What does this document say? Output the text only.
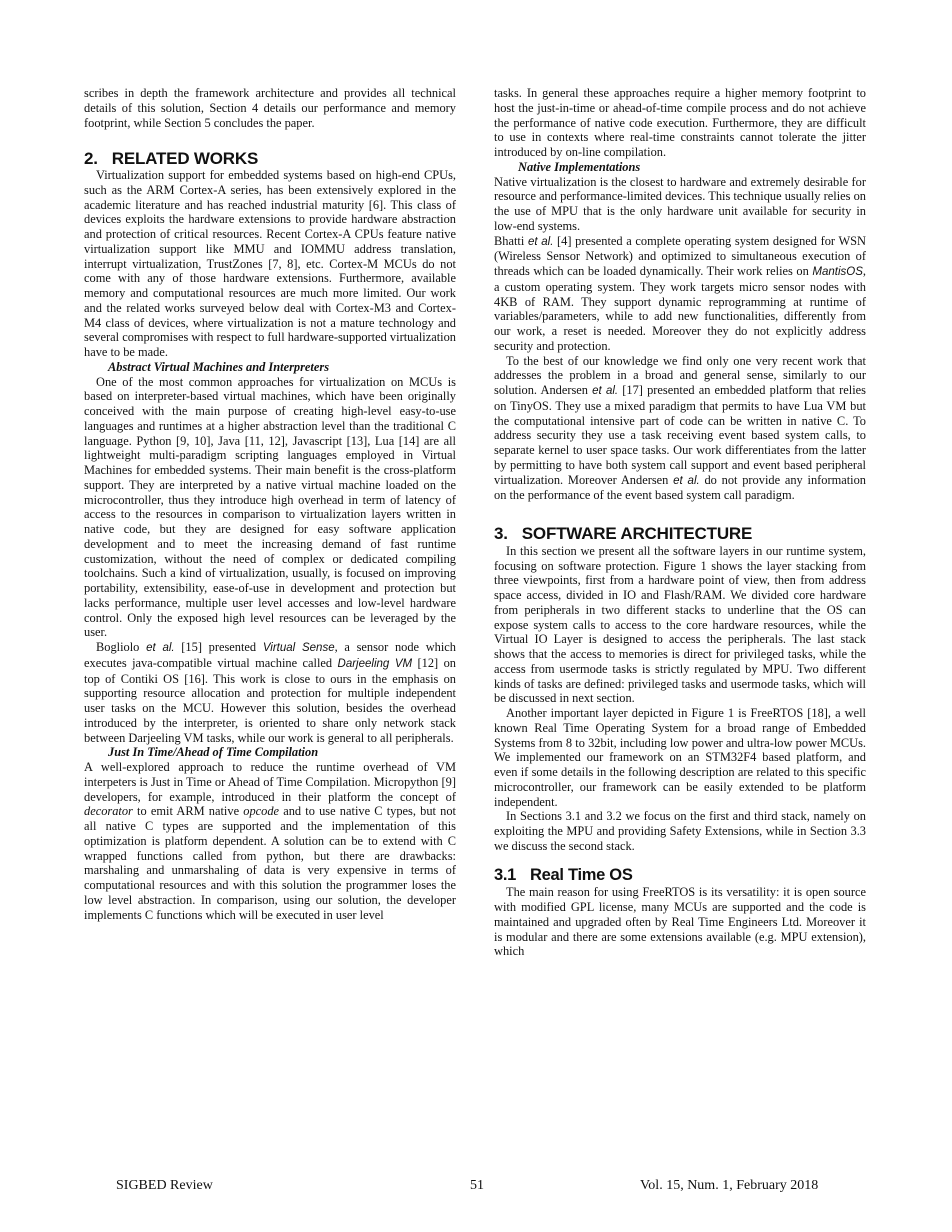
scribes in depth the framework architecture and provides all technical details of this solution, Section 4 details our performance and memory footprint, while Section 5 concludes the paper.

2. RELATED WORKS

Virtualization support for embedded systems based on high-end CPUs, such as the ARM Cortex-A series, has been extensively explored in the academic literature and has reached industrial maturity [6]. This class of devices exploits the hardware extensions to provide hardware abstraction and protection of critical resources. Recent Cortex-A CPUs feature native virtualization support like MMU and IOMMU address translation, interrupt virtualization, TrustZones [7, 8], etc. Cortex-M MCUs do not come with any of those hardware extensions. Furthermore, available memory and computational resources are much more limited. Our work and the related works surveyed below deal with Cortex-M3 and Cortex-M4 class of devices, where virtualization is not a mature technology and several compromises with respect to full hardware-supported virtualization have to be made.

Abstract Virtual Machines and Interpreters

One of the most common approaches for virtualization on MCUs is based on interpreter-based virtual machines, which have been originally conceived with the main purpose of creating high-level easy-to-use languages and runtimes at a higher abstraction level than the traditional C language. Python [9, 10], Java [11, 12], Javascript [13], Lua [14] are all lightweight multi-paradigm scripting languages employed in Virtual Machines for embedded systems. Their main benefit is the cross-platform support. They are interpreted by a native virtual machine loaded on the microcontroller, thus they introduce high overhead in term of latency of access to the resources in comparison to virtualization layers written in native code, but they are designed for easy software application development and to meet the increasing demand of fast runtime customization, without the need of complex or dedicated compiling toolchains. Such a kind of virtualization, usually, is focused on improving portability, extensibility, ease-of-use in development and protection but lacks performance, multiple user level accesses and low-level hardware control. Only the exposed high level resources can be leveraged by the user.

Bogliolo et al. [15] presented Virtual Sense, a sensor node which executes java-compatible virtual machine called Darjeeling VM [12] on top of Contiki OS [16]. This work is close to ours in the emphasis on supporting resource allocation and protection for multiple independent user tasks on the MCU. However this solution, besides the overhead introduced by the interpreter, is oriented to share only network stack between Darjeeling VM tasks, while our work is general to all peripherals.

Just In Time/Ahead of Time Compilation

A well-explored approach to reduce the runtime overhead of VM interpeters is Just in Time or Ahead of Time Compilation. Micropython [9] developers, for example, introduced in their platform the concept of decorator to emit ARM native opcode and to use native C types, but not all native C types are supported and the implementation of this optimization is platform dependent. A solution can be to extend with C wrapped functions called from python, but there are drawbacks: marshaling and unmarshaling of data is very expensive in terms of computational resources and with this solution the programmer loses the low level abstraction. In comparison, using our solution, the developer implements C functions which will be executed in user level

tasks. In general these approaches require a higher memory footprint to host the just-in-time or ahead-of-time compile process and do not achieve the performance of native code execution. Furthermore, they are difficult to use in contexts where real-time constraints cannot tolerate the jitter introduced by on-line compilation.

Native Implementations

Native virtualization is the closest to hardware and extremely desirable for resource and performance-limited devices. This technique usually relies on the use of MPU that is the only hardware unit available for security in low-end systems.

Bhatti et al. [4] presented a complete operating system designed for WSN (Wireless Sensor Network) and optimized to simultaneous execution of threads which can be loaded dynamically. Their work relies on MantisOS, a custom operating system. They work targets micro sensor nodes with 4KB of RAM. They support dynamic reprogramming at runtime of variables/parameters, while to add new functionalities, differently from our work, a reset is needed. Moreover they do not explicitly address security and protection.

To the best of our knowledge we find only one very recent work that addresses the problem in a broad and general sense, similarly to our solution. Andersen et al. [17] presented an embedded platform that relies on TinyOS. They use a mixed paradigm that permits to have Lua VM but the computational intensive part of code can be written in native C. To address security they use a task receiving event based system calls, to separate kernel to user space tasks. Our work differentiates from the latter by permitting to have both system call support and event based peripheral virtualization. Moreover Andersen et al. do not provide any information on the performance of the event based system call paradigm.

3. SOFTWARE ARCHITECTURE

In this section we present all the software layers in our runtime system, focusing on software protection. Figure 1 shows the layer stacking from three viewpoints, first from a hardware point of view, then from address space access, divided in IO and Flash/RAM. We divided core hardware from peripherals in two different stacks to underline that the OS can expose system calls to access to the core hardware resources, while the Virtual IO Layer is designed to access the peripherals. The last stack shows that the access to memories is direct for privileged tasks, while the access from usermode tasks is strictly regulated by MPU. Two different kinds of tasks are defined: privileged tasks and usermode tasks, which will be discussed in next section.

Another important layer depicted in Figure 1 is FreeRTOS [18], a well known Real Time Operating System for a broad range of Embedded Systems from 8 to 32bit, including low power and ultra-low power MCUs. We implemented our framework on an STM32F4 based platform, and even if some details in the following description are related to this specific microcontroller, our framework can be easily extended to be platform independent.

In Sections 3.1 and 3.2 we focus on the first and third stack, namely on exploiting the MPU and providing Safety Extensions, while in Section 3.3 we discuss the second stack.

3.1 Real Time OS

The main reason for using FreeRTOS is its versatility: it is open source with modified GPL license, many MCUs are supported and the code is maintained and upgraded often by Real Time Engineers Ltd. Moreover it is modular and there are some extensions available (e.g. MPU extension), which

SIGBED Review	51	Vol. 15, Num. 1, February 2018
